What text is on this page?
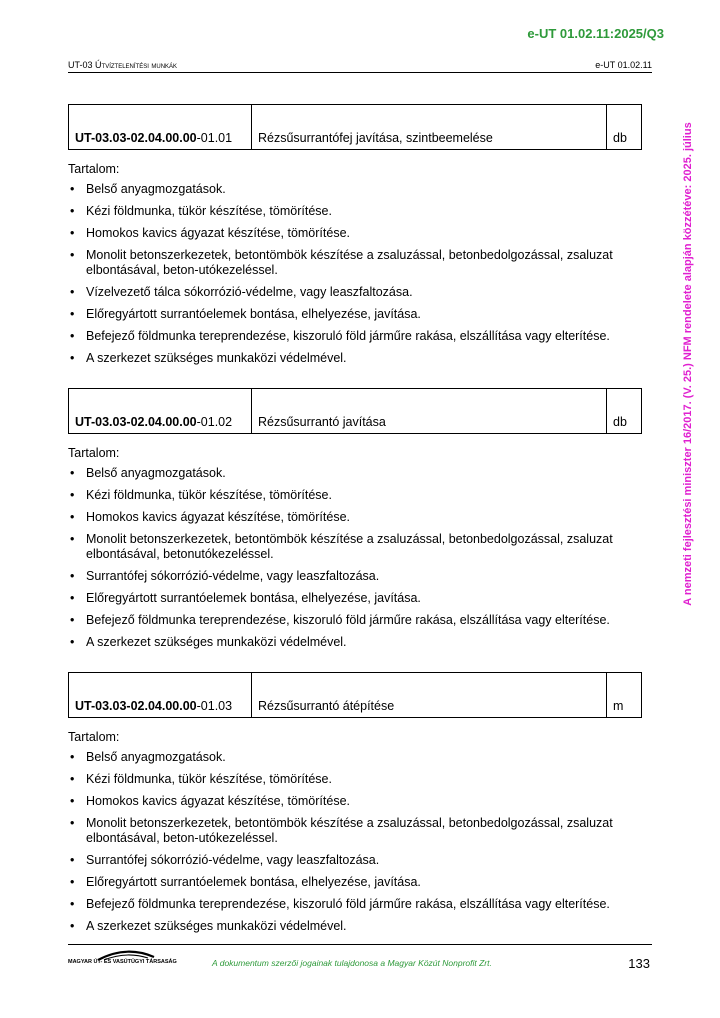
e-UT 01.02.11:2025/Q3
UT-03 Útvíztelenítési munkák	e-UT 01.02.11
A nemzeti fejlesztési miniszter 16/2017. (V. 25.) NFM rendelete alapján közzétéve: 2025. július
UT-03.03-02.04.00.00-01.01	Rézsűsurrantófej javítása, szintbeemelése	db
Tartalom:
• Belső anyagmozgatások.
• Kézi földmunka, tükör készítése, tömörítése.
• Homokos kavics ágyazat készítése, tömörítése.
• Monolit betonszerkezetek, betontömbök készítése a zsaluzással, betonbedolgozással, zsaluzat elbontásával, beton-utókezeléssel.
• Vízelvezető tálca sókorrózió-védelme, vagy leaszfaltozása.
• Előregyártott surrantóelemek bontása, elhelyezése, javítása.
• Befejező földmunka tereprendezése, kiszoruló föld járműre rakása, elszállítása vagy elterítése.
• A szerkezet szükséges munkaközi védelmével.
UT-03.03-02.04.00.00-01.02	Rézsűsurrantó javítása	db
Tartalom:
• Belső anyagmozgatások.
• Kézi földmunka, tükör készítése, tömörítése.
• Homokos kavics ágyazat készítése, tömörítése.
• Monolit betonszerkezetek, betontömbök készítése a zsaluzással, betonbedolgozással, zsaluzat elbontásával, betonutókezeléssel.
• Surrantófej sókorrózió-védelme, vagy leaszfaltozása.
• Előregyártott surrantóelemek bontása, elhelyezése, javítása.
• Befejező földmunka tereprendezése, kiszoruló föld járműre rakása, elszállítása vagy elterítése.
• A szerkezet szükséges munkaközi védelmével.
UT-03.03-02.04.00.00-01.03	Rézsűsurrantó átépítése	m
Tartalom:
• Belső anyagmozgatások.
• Kézi földmunka, tükör készítése, tömörítése.
• Homokos kavics ágyazat készítése, tömörítése.
• Monolit betonszerkezetek, betontömbök készítése a zsaluzással, betonbedolgozással, zsaluzat elbontásával, beton-utókezeléssel.
• Surrantófej sókorrózió-védelme, vagy leaszfaltozása.
• Előregyártott surrantóelemek bontása, elhelyezése, javítása.
• Befejező földmunka tereprendezése, kiszoruló föld járműre rakása, elszállítása vagy elterítése.
• A szerkezet szükséges munkaközi védelmével.
MAGYAR ÚT- ÉS VASÚTÜGYI TÁRSASÁG	A dokumentum szerzői jogainak tulajdonosa a Magyar Közút Nonprofit Zrt.	133
